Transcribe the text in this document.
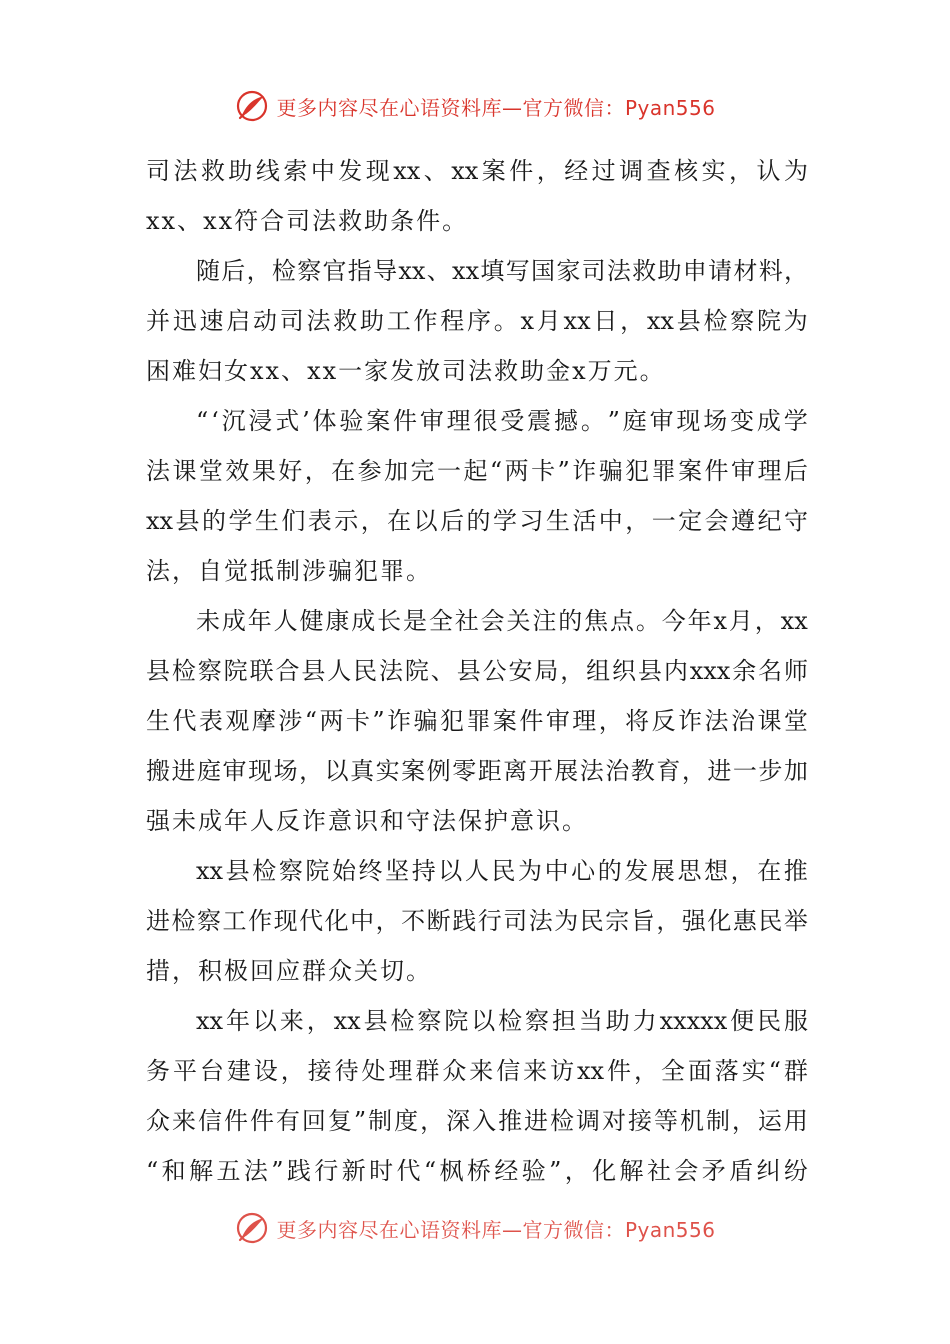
更多内容尽在心语资料库—官方微信：Pyan556
司 法 救 助 线 索 中 发 现 xx 、 xx 案 件 ， 经 过 调 查 核 实 ， 认 为
xx、xx符合司法救助条件。
随 后 ， 检 察 官 指 导 xx 、 xx 填 写 国 家 司 法 救 助 申 请 材 料 ，
并 迅 速 启 动 司 法 救 助 工 作 程 序 。 x 月 xx 日 ， xx 县 检 察 院 为
困难妇女xx、xx一家发放司法救助金x万元。
“ ‘ 沉 浸 式 ’ 体 验 案 件 审 理 很 受 震 撼 。 ” 庭 审 现 场 变 成 学
法 课 堂 效 果 好 ， 在 参 加 完 一 起 “ 两 卡 ” 诈 骗 犯 罪 案 件 审 理 后
xx 县 的 学 生 们 表 示 ， 在 以 后 的 学 习 生 活 中 ， 一 定 会 遵 纪 守
法，自觉抵制涉骗犯罪。
未 成 年 人 健 康 成 长 是 全 社 会 关 注 的 焦 点 。 今 年 x 月 ， xx
县 检 察 院 联 合 县 人 民 法 院 、 县 公 安 局 ， 组 织 县 内 xxx 余 名 师
生 代 表 观 摩 涉 “ 两 卡 ” 诈 骗 犯 罪 案 件 审 理 ， 将 反 诈 法 治 课 堂
搬 进 庭 审 现 场 ， 以 真 实 案 例 零 距 离 开 展 法 治 教 育 ， 进 一 步 加
强未成年人反诈意识和守法保护意识。
xx 县 检 察 院 始 终 坚 持 以 人 民 为 中 心 的 发 展 思 想 ， 在 推
进 检 察 工 作 现 代 化 中 ， 不 断 践 行 司 法 为 民 宗 旨 ， 强 化 惠 民 举
措，积极回应群众关切。
xx 年 以 来 ， xx 县 检 察 院 以 检 察 担 当 助 力 xxxxx 便 民 服
务 平 台 建 设 ， 接 待 处 理 群 众 来 信 来 访 xx 件 ， 全 面 落 实 “ 群
众 来 信 件 件 有 回 复 ” 制 度 ， 深 入 推 进 检 调 对 接 等 机 制 ， 运 用
“ 和 解 五 法 ” 践 行 新 时 代 “ 枫 桥 经 验 ” ， 化 解 社 会 矛 盾 纠 纷
更多内容尽在心语资料库—官方微信：Pyan556
